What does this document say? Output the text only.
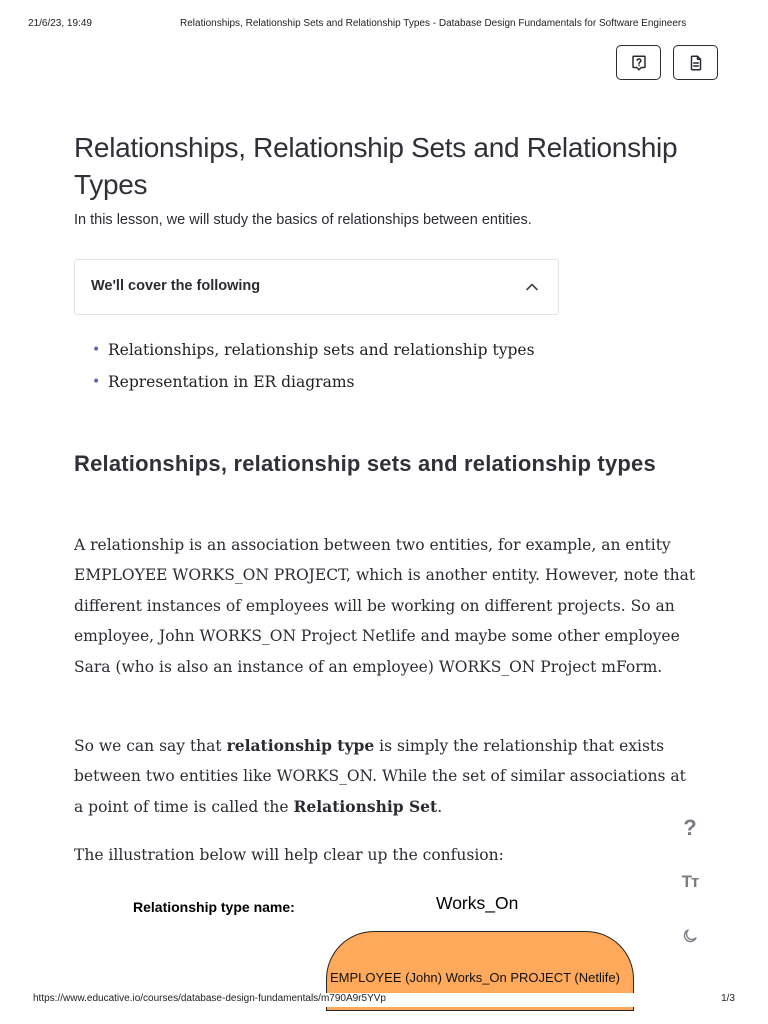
21/6/23, 19:49	Relationships, Relationship Sets and Relationship Types - Database Design Fundamentals for Software Engineers
Relationships, Relationship Sets and Relationship Types

In this lesson, we will study the basics of relationships between entities.

We'll cover the following
• Relationships, relationship sets and relationship types
• Representation in ER diagrams
Relationships, relationship sets and relationship types

A relationship is an association between two entities, for example, an entity EMPLOYEE WORKS_ON PROJECT, which is another entity. However, note that different instances of employees will be working on different projects. So an employee, John WORKS_ON Project Netlife and maybe some other employee Sara (who is also an instance of an employee) WORKS_ON Project mForm.

So we can say that relationship type is simply the relationship that exists between two entities like WORKS_ON. While the set of similar associations at a point of time is called the Relationship Set.

The illustration below will help clear up the confusion:

Relationship type name:	Works_On
EMPLOYEE (John) Works_On PROJECT (Netlife)
?
Tт
https://www.educative.io/courses/database-design-fundamentals/m790A9r5YVp	1/3
